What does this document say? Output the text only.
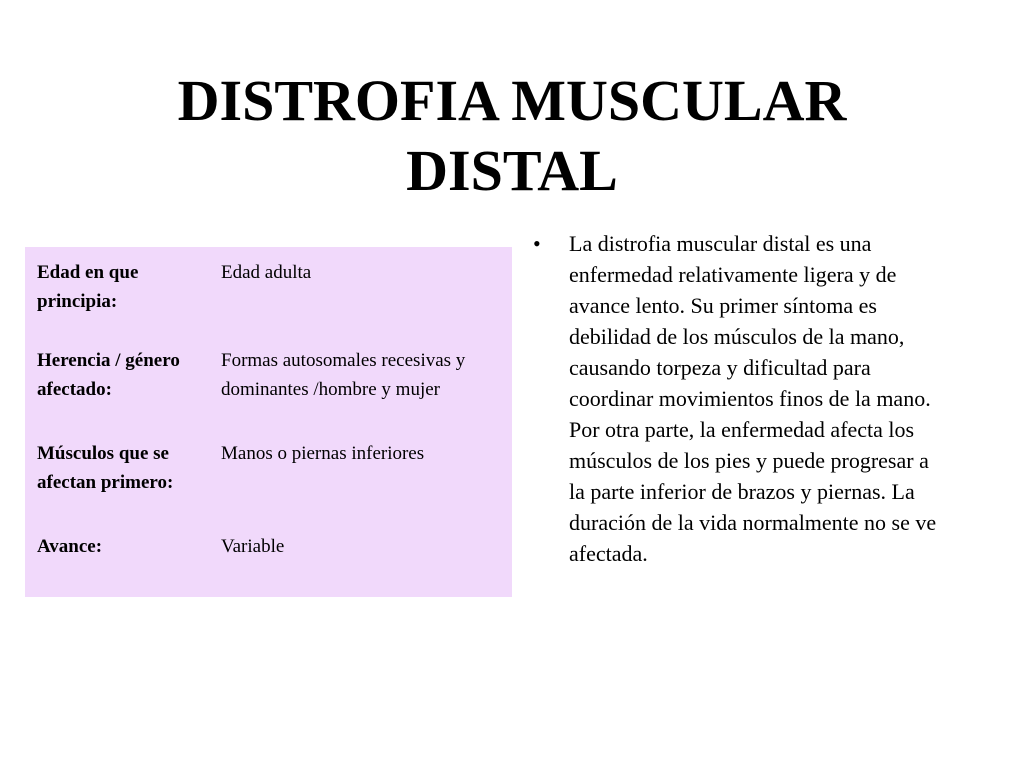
DISTROFIA MUSCULAR
DISTAL
Edad en que principia:
Edad adulta
Herencia / género afectado:
Formas autosomales recesivas y dominantes /hombre y mujer
Músculos que se afectan primero:
Manos o piernas inferiores
Avance:	Variable
• La distrofia muscular distal es una enfermedad relativamente ligera y de avance lento. Su primer síntoma es debilidad de los músculos de la mano, causando torpeza y dificultad para coordinar movimientos finos de la mano. Por otra parte, la enfermedad afecta los músculos de los pies y puede progresar a la parte inferior de brazos y piernas. La duración de la vida normalmente no se ve afectada.
